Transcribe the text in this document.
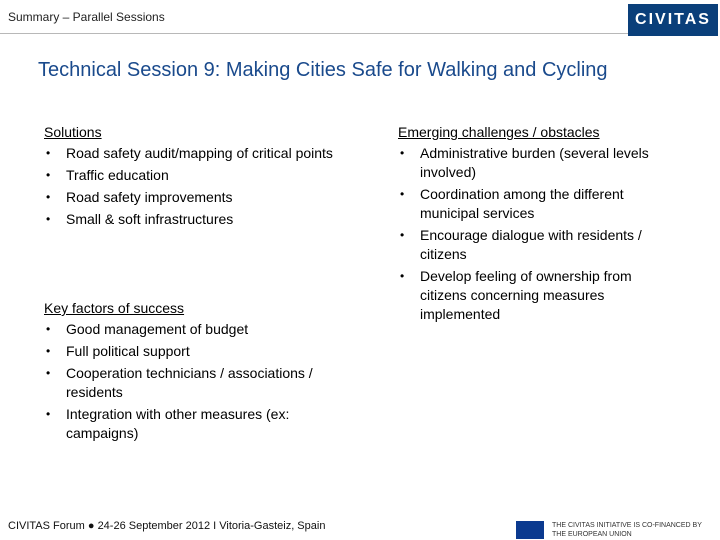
Summary – Parallel Sessions	CIVITAS
Technical Session 9: Making Cities Safe for Walking and Cycling
Solutions
• Road safety audit/mapping of critical points
• Traffic education
• Road safety improvements
• Small & soft infrastructures
Key factors of success
• Good management of budget
• Full political support
• Cooperation technicians / associations / residents
• Integration with other measures (ex: campaigns)
Emerging challenges / obstacles
• Administrative burden (several levels involved)
• Coordination among the different municipal services
• Encourage dialogue with residents / citizens
• Develop feeling of ownership from citizens concerning measures implemented
CIVITAS Forum ● 24-26 September 2012 I Vitoria-Gasteiz, Spain	THE CIVITAS INITIATIVE IS CO-FINANCED BY THE EUROPEAN UNION
